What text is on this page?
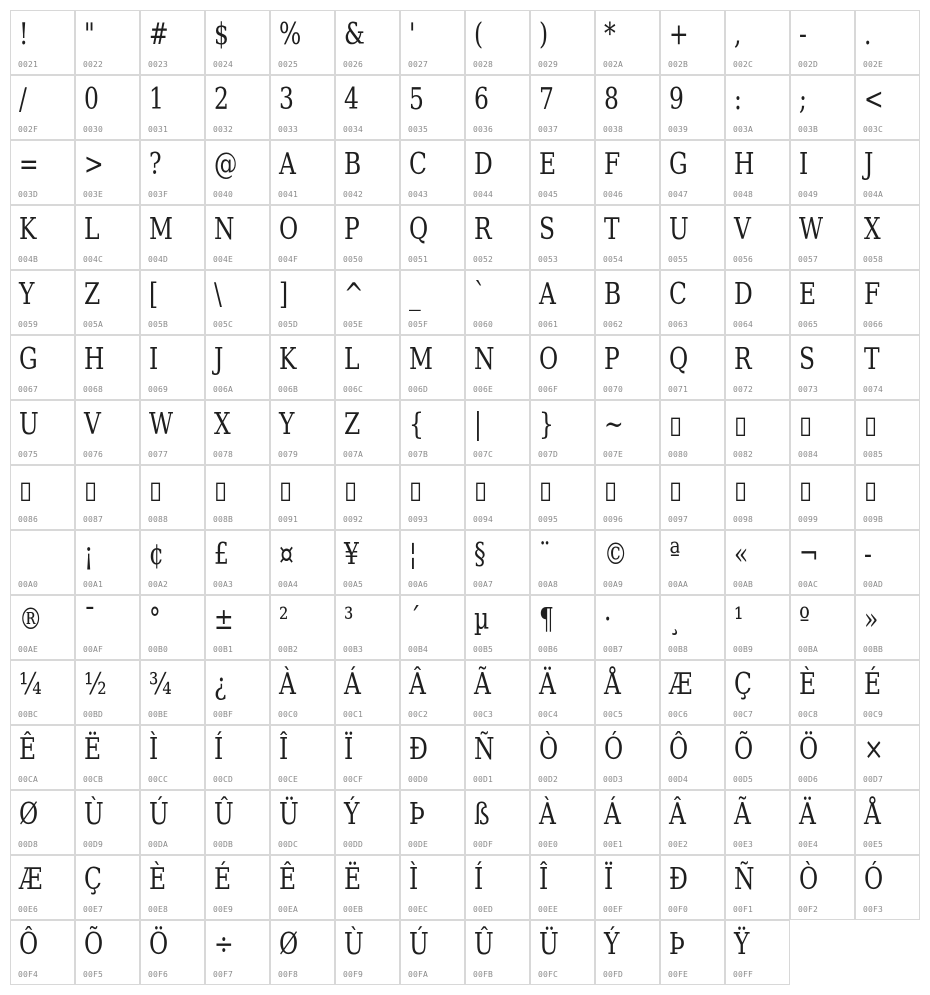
!
0021
"
0022
#
0023
$
0024
%
0025
&
0026
'
0027
(
0028
)
0029
*
002A
+
002B
,
002C
-
002D
.
002E
/
002F
0
0030
1
0031
2
0032
3
0033
4
0034
5
0035
6
0036
7
0037
8
0038
9
0039
:
003A
;
003B
<
003C
=
003D
>
003E
?
003F
@
0040
A
0041
B
0042
C
0043
D
0044
E
0045
F
0046
G
0047
H
0048
I
0049
J
004A
K
004B
L
004C
M
004D
N
004E
O
004F
P
0050
Q
0051
R
0052
S
0053
T
0054
U
0055
V
0056
W
0057
X
0058
Y
0059
Z
005A
[
005B
\
005C
]
005D
^
005E
_
005F
`
0060
A
0061
B
0062
C
0063
D
0064
E
0065
F
0066
G
0067
H
0068
I
0069
J
006A
K
006B
L
006C
M
006D
N
006E
O
006F
P
0070
Q
0071
R
0072
S
0073
T
0074
U
0075
V
0076
W
0077
X
0078
Y
0079
Z
007A
{
007B
|
007C
}
007D
~
007E
▯
0080
▯
0082
▯
0084
▯
0085
▯
0086
▯
0087
▯
0088
▯
008B
▯
0091
▯
0092
▯
0093
▯
0094
▯
0095
▯
0096
▯
0097
▯
0098
▯
0099
▯
009B

00A0
¡
00A1
¢
00A2
£
00A3
¤
00A4
¥
00A5
¦
00A6
§
00A7
¨
00A8
©
00A9
ª
00AA
«
00AB
¬
00AC
-
00AD
®
00AE
¯
00AF
°
00B0
±
00B1
²
00B2
³
00B3
´
00B4
µ
00B5
¶
00B6
·
00B7
¸
00B8
¹
00B9
º
00BA
»
00BB
¼
00BC
½
00BD
¾
00BE
¿
00BF
À
00C0
Á
00C1
Â
00C2
Ã
00C3
Ä
00C4
Å
00C5
Æ
00C6
Ç
00C7
È
00C8
É
00C9
Ê
00CA
Ë
00CB
Ì
00CC
Í
00CD
Î
00CE
Ï
00CF
Ð
00D0
Ñ
00D1
Ò
00D2
Ó
00D3
Ô
00D4
Õ
00D5
Ö
00D6
×
00D7
Ø
00D8
Ù
00D9
Ú
00DA
Û
00DB
Ü
00DC
Ý
00DD
Þ
00DE
ß
00DF
À
00E0
Á
00E1
Â
00E2
Ã
00E3
Ä
00E4
Å
00E5
Æ
00E6
Ç
00E7
È
00E8
É
00E9
Ê
00EA
Ë
00EB
Ì
00EC
Í
00ED
Î
00EE
Ï
00EF
Ð
00F0
Ñ
00F1
Ò
00F2
Ó
00F3
Ô
00F4
Õ
00F5
Ö
00F6
÷
00F7
Ø
00F8
Ù
00F9
Ú
00FA
Û
00FB
Ü
00FC
Ý
00FD
Þ
00FE
Ÿ
00FF
